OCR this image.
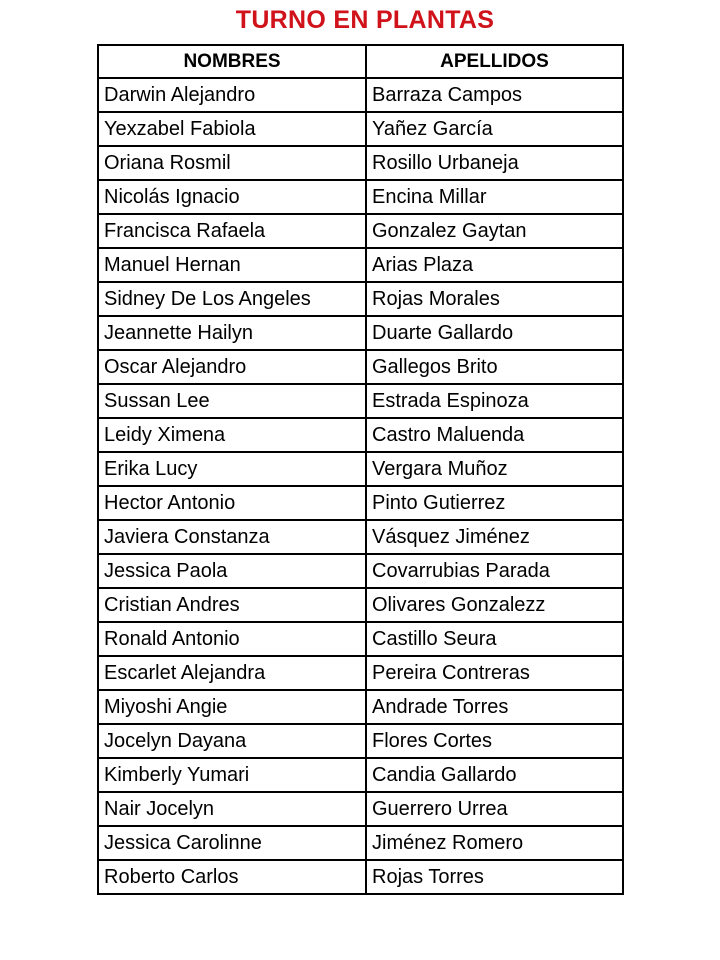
TURNO EN PLANTAS
NOMBRES	APELLIDOS
Darwin Alejandro	Barraza Campos
Yexzabel Fabiola	Yañez García
Oriana Rosmil	Rosillo Urbaneja
Nicolás Ignacio	Encina Millar
Francisca Rafaela	Gonzalez Gaytan
Manuel Hernan	Arias Plaza
Sidney De Los Angeles	Rojas Morales
Jeannette Hailyn	Duarte Gallardo
Oscar Alejandro	Gallegos Brito
Sussan Lee	Estrada Espinoza
Leidy Ximena	Castro Maluenda
Erika Lucy	Vergara Muñoz
Hector Antonio	Pinto Gutierrez
Javiera Constanza	Vásquez Jiménez
Jessica Paola	Covarrubias Parada
Cristian Andres	Olivares Gonzalezz
Ronald Antonio	Castillo Seura
Escarlet Alejandra	Pereira Contreras
Miyoshi Angie	Andrade Torres
Jocelyn Dayana	Flores Cortes
Kimberly Yumari	Candia Gallardo
Nair Jocelyn	Guerrero Urrea
Jessica Carolinne	Jiménez Romero
Roberto Carlos	Rojas Torres
